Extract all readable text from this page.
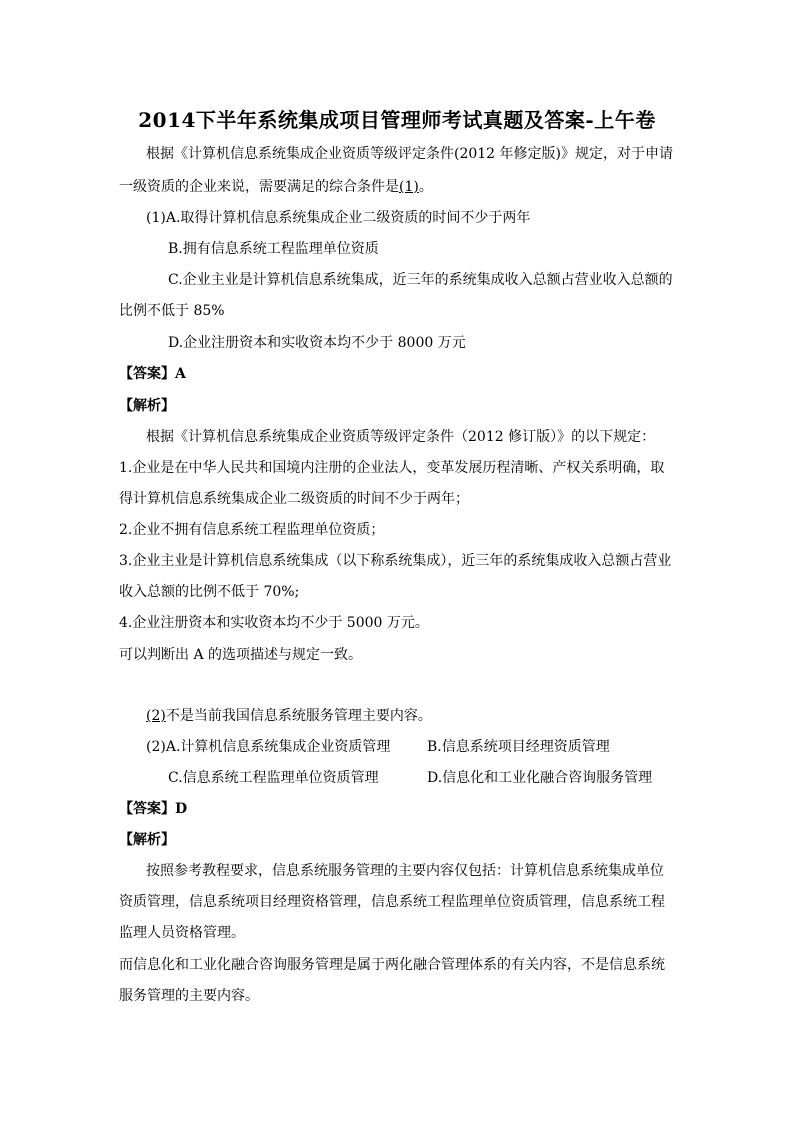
2014下半年系统集成项目管理师考试真题及答案-上午卷
根据《计算机信息系统集成企业资质等级评定条件(2012 年修定版)》规定，对于申请
一级资质的企业来说，需要满足的综合条件是(1)。
(1)A.取得计算机信息系统集成企业二级资质的时间不少于两年
B.拥有信息系统工程监理单位资质
C.企业主业是计算机信息系统集成，近三年的系统集成收入总额占营业收入总额的
比例不低于 85%
D.企业注册资本和实收资本均不少于 8000 万元
【答案】A
【解析】
根据《计算机信息系统集成企业资质等级评定条件（2012 修订版）》的以下规定：
1.企业是在中华人民共和国境内注册的企业法人，变革发展历程清晰、产权关系明确，取
得计算机信息系统集成企业二级资质的时间不少于两年；
2.企业不拥有信息系统工程监理单位资质；
3.企业主业是计算机信息系统集成（以下称系统集成），近三年的系统集成收入总额占营业
收入总额的比例不低于 70%;
4.企业注册资本和实收资本均不少于 5000 万元。
可以判断出 A 的选项描述与规定一致。
(2)不是当前我国信息系统服务管理主要内容。
(2)A.计算机信息系统集成企业资质管理	B.信息系统项目经理资质管理
C.信息系统工程监理单位资质管理	D.信息化和工业化融合咨询服务管理
【答案】D
【解析】
按照参考教程要求，信息系统服务管理的主要内容仅包括：计算机信息系统集成单位
资质管理，信息系统项目经理资格管理，信息系统工程监理单位资质管理，信息系统工程
监理人员资格管理。
而信息化和工业化融合咨询服务管理是属于两化融合管理体系的有关内容，不是信息系统
服务管理的主要内容。
